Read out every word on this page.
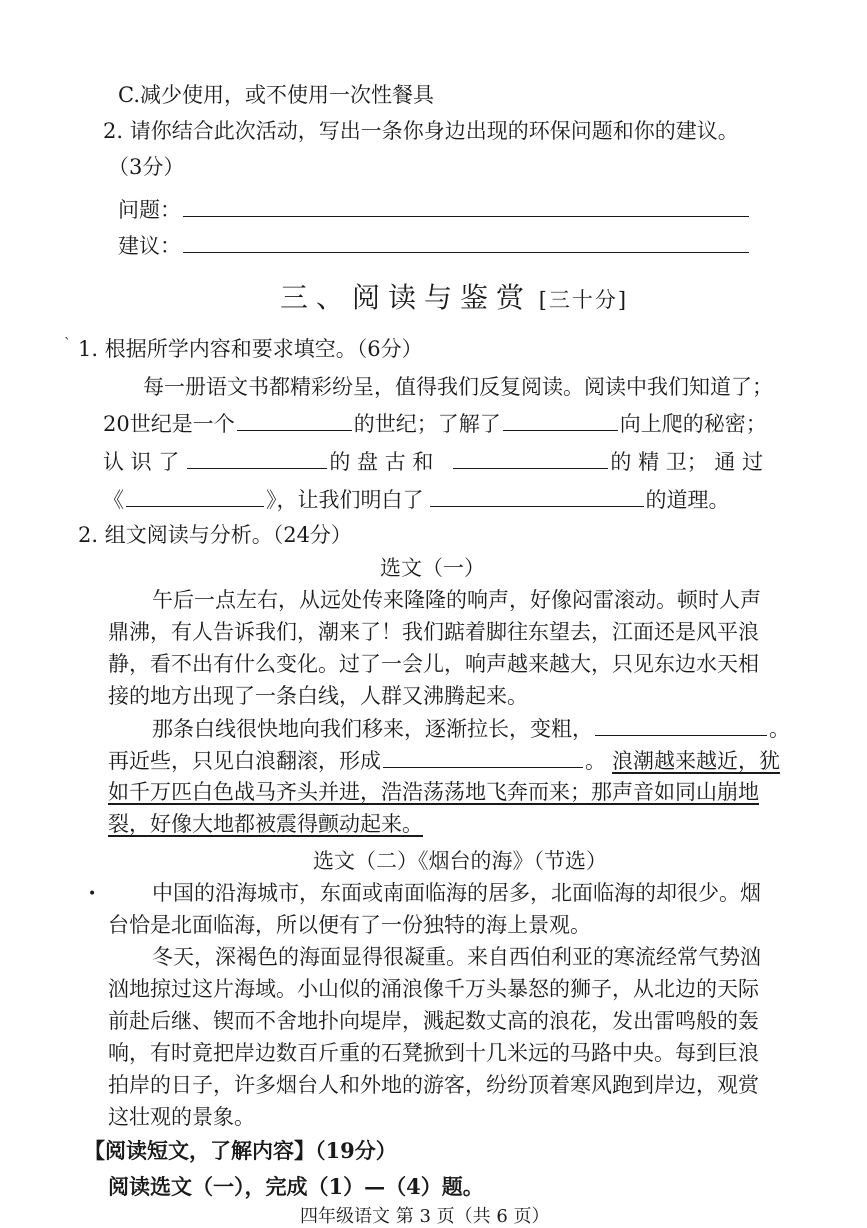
C.减少使用，或不使用一次性餐具
2. 请你结合此次活动，写出一条你身边出现的环保问题和你的建议。
（3分）
问题：
建议：
三、阅读与鉴赏 [三十分]
` 1. 根据所学内容和要求填空。（6分）
每一册语文书都精彩纷呈，值得我们反复阅读。阅读中我们知道了；
20世纪是一个	的世纪；了解了	向上爬的秘密；
认 识 了	的 盘 古 和	的 精 卫； 通 过
《	》，让我们明白了	的道理。
2. 组文阅读与分析。（24分）
选文（一）
午后一点左右，从远处传来隆隆的响声，好像闷雷滚动。顿时人声
鼎沸，有人告诉我们，潮来了！我们踮着脚往东望去，江面还是风平浪
静，看不出有什么变化。过了一会儿，响声越来越大，只见东边水天相
接的地方出现了一条白线，人群又沸腾起来。
那条白线很快地向我们移来，逐渐拉长，变粗，	。
再近些，只见白浪翻滚，形成	。 浪潮越来越近，犹
如千万匹白色战马齐头并进，浩浩荡荡地飞奔而来；那声音如同山崩地
裂，好像大地都被震得颤动起来。
选文（二）《烟台的海》（节选）
中国的沿海城市，东面或南面临海的居多，北面临海的却很少。烟
•
台恰是北面临海，所以便有了一份独特的海上景观。
冬天，深褐色的海面显得很凝重。来自西伯利亚的寒流经常气势汹
汹地掠过这片海域。小山似的涌浪像千万头暴怒的狮子，从北边的天际
前赴后继、锲而不舍地扑向堤岸，溅起数丈高的浪花，发出雷鸣般的轰
响，有时竟把岸边数百斤重的石凳掀到十几米远的马路中央。每到巨浪
拍岸的日子，许多烟台人和外地的游客，纷纷顶着寒风跑到岸边，观赏
这壮观的景象。
【阅读短文，了解内容】（19分）
阅读选文（一），完成（1）—（4）题。
四年级语文 第 3 页（共 6 页）
